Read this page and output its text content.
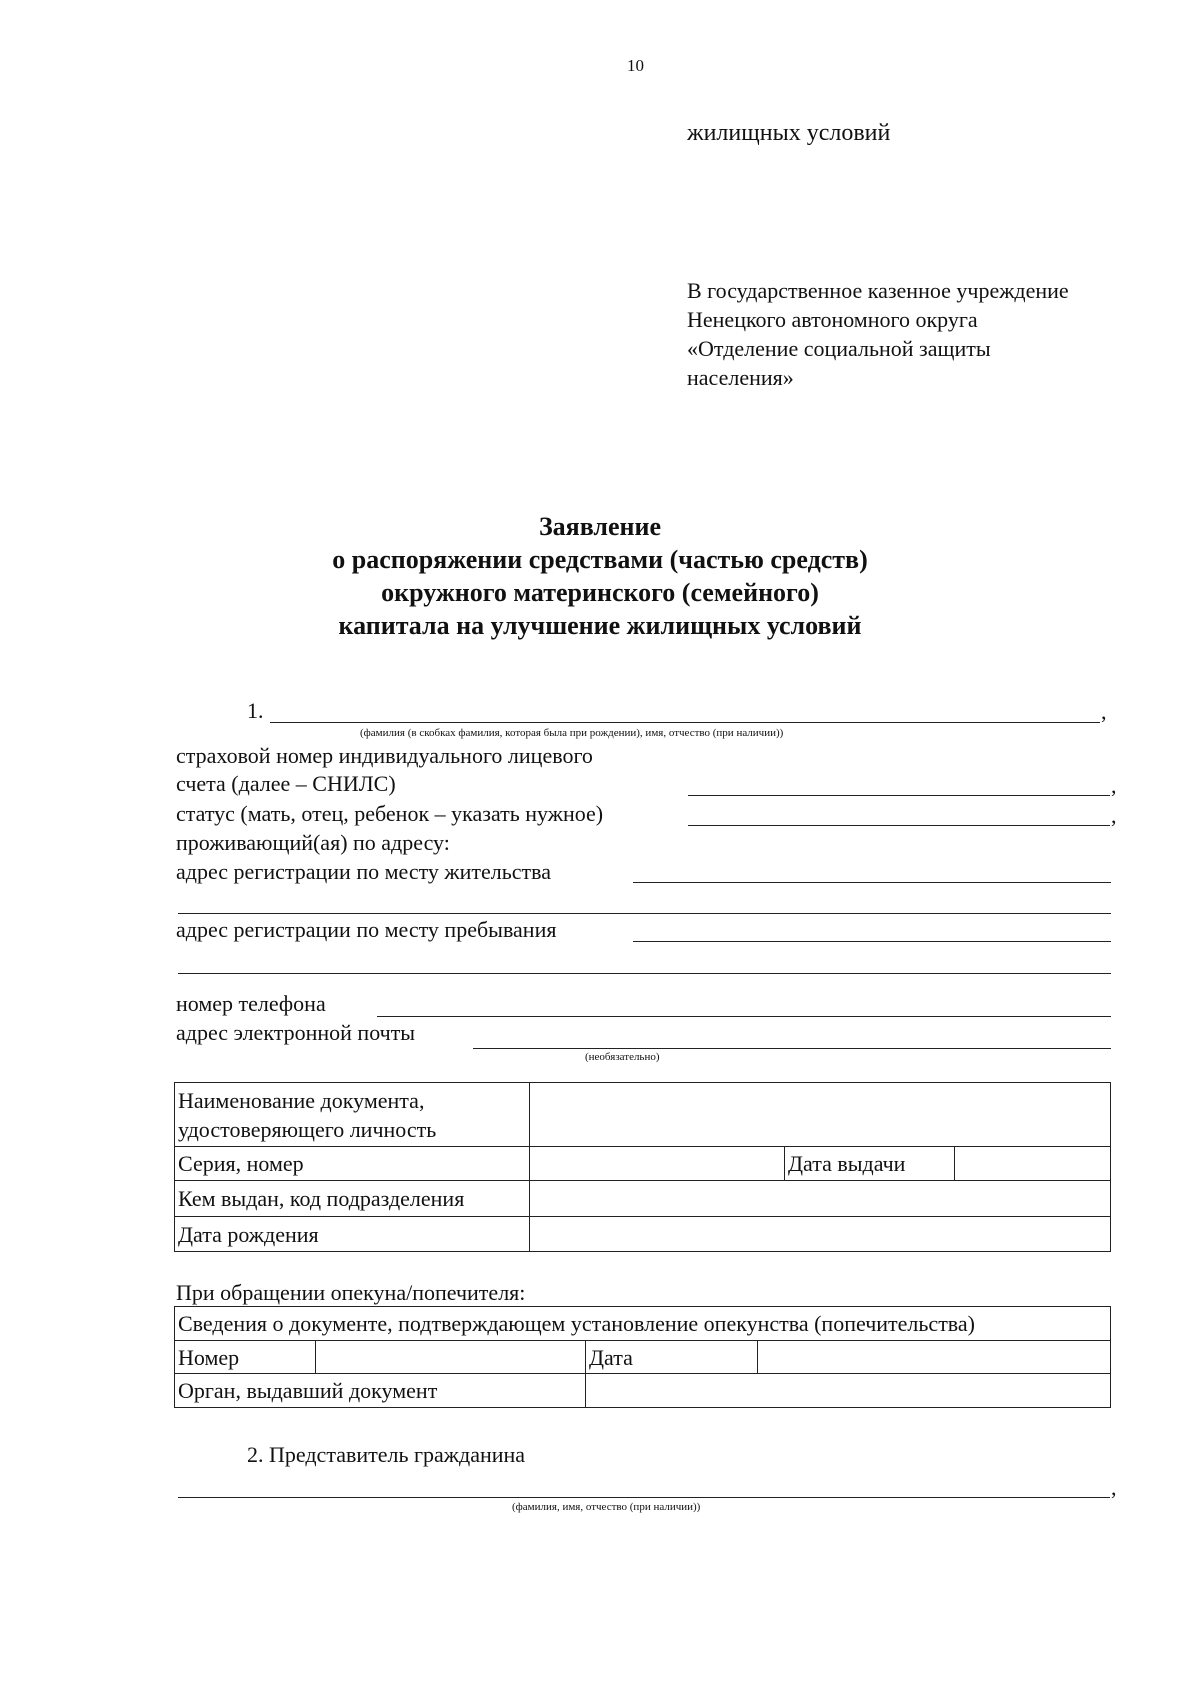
10
жилищных условий
В государственное казенное учреждение
Ненецкого автономного округа
«Отделение социальной защиты
населения»
Заявление
о распоряжении средствами (частью средств)
окружного материнского (семейного)
капитала на улучшение жилищных условий
1.	,
(фамилия (в скобках фамилия, которая была при рождении), имя, отчество (при наличии))
страховой номер индивидуального лицевого
счета (далее – СНИЛС)	,
статус (мать, отец, ребенок – указать нужное)	,
проживающий(ая) по адресу:
адрес регистрации по месту жительства
адрес регистрации по месту пребывания
номер телефона
адрес электронной почты
(необязательно)
Наименование документа,
удостоверяющего личность			

Серия, номер		Дата выдачи	
Кем выдан, код подразделения			
Дата рождения			
При обращении опекуна/попечителя:
Сведения о документе, подтверждающем установление опекунства (попечительства)			
Номер		Дата	
Орган, выдавший документ			
2. Представитель гражданина
,
(фамилия, имя, отчество (при наличии))
